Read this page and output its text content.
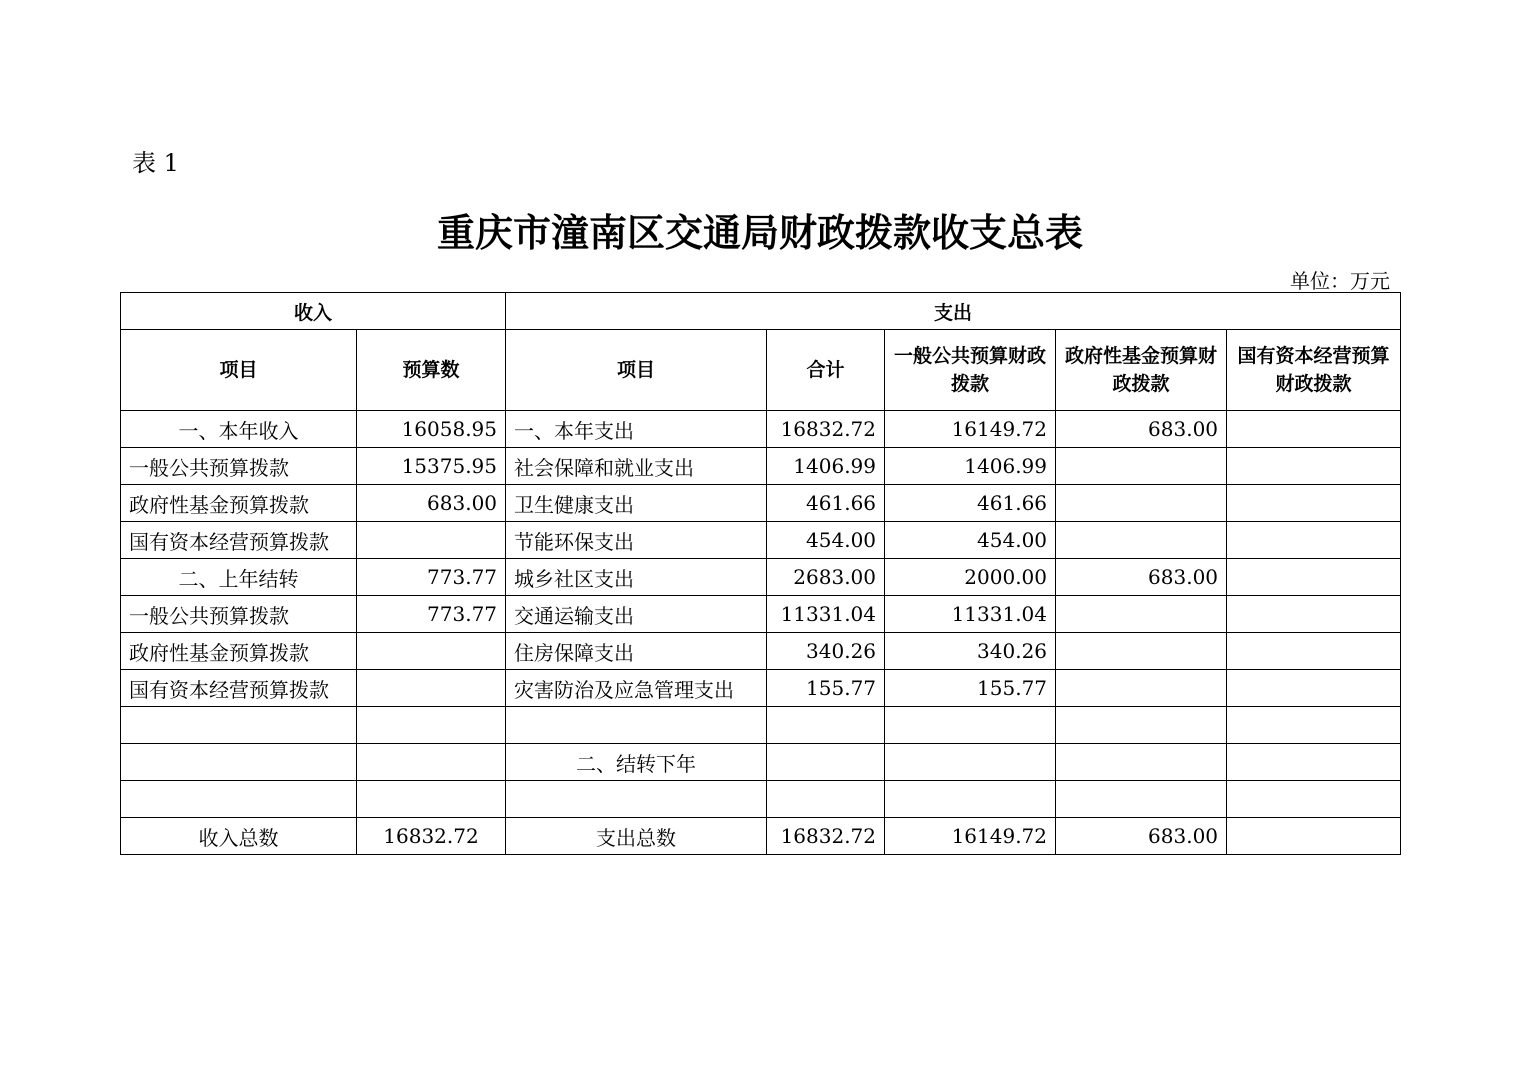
表 1
重庆市潼南区交通局财政拨款收支总表
单位：万元
收入		支出				
项目	预算数	项目	合计	一般公共预算财政拨款	政府性基金预算财政拨款	国有资本经营预算财政拨款
一、本年收入	16058.95	一、本年支出	16832.72	16149.72	683.00	
一般公共预算拨款	15375.95	社会保障和就业支出	1406.99	1406.99		
政府性基金预算拨款	683.00	卫生健康支出	461.66	461.66		
国有资本经营预算拨款		节能环保支出	454.00	454.00		
二、上年结转	773.77	城乡社区支出	2683.00	2000.00	683.00	
一般公共预算拨款	773.77	交通运输支出	11331.04	11331.04		
政府性基金预算拨款		住房保障支出	340.26	340.26		
国有资本经营预算拨款		灾害防治及应急管理支出	155.77	155.77		

		二、结转下年				

收入总数	16832.72	支出总数	16832.72	16149.72	683.00	
